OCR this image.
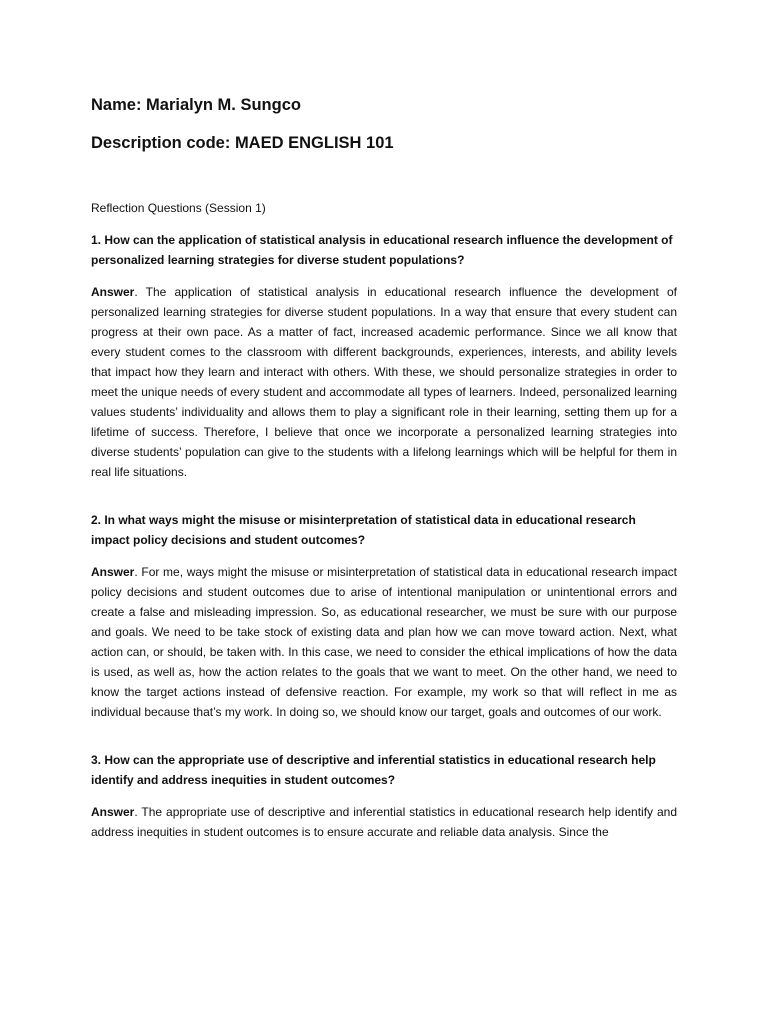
Name: Marialyn M. Sungco

Description code: MAED ENGLISH 101

Reflection Questions (Session 1)

1. How can the application of statistical analysis in educational research influence the development of personalized learning strategies for diverse student populations?

Answer. The application of statistical analysis in educational research influence the development of personalized learning strategies for diverse student populations. In a way that ensure that every student can progress at their own pace. As a matter of fact, increased academic performance. Since we all know that every student comes to the classroom with different backgrounds, experiences, interests, and ability levels that impact how they learn and interact with others. With these, we should personalize strategies in order to meet the unique needs of every student and accommodate all types of learners. Indeed, personalized learning values students’ individuality and allows them to play a significant role in their learning, setting them up for a lifetime of success. Therefore, I believe that once we incorporate a personalized learning strategies into diverse students’ population can give to the students with a lifelong learnings which will be helpful for them in real life situations.

2. In what ways might the misuse or misinterpretation of statistical data in educational research impact policy decisions and student outcomes?

Answer. For me, ways might the misuse or misinterpretation of statistical data in educational research impact policy decisions and student outcomes due to arise of intentional manipulation or unintentional errors and create a false and misleading impression. So, as educational researcher, we must be sure with our purpose and goals. We need to be take stock of existing data and plan how we can move toward action. Next, what action can, or should, be taken with. In this case, we need to consider the ethical implications of how the data is used, as well as, how the action relates to the goals that we want to meet. On the other hand, we need to know the target actions instead of defensive reaction. For example, my work so that will reflect in me as individual because that’s my work. In doing so, we should know our target, goals and outcomes of our work.

3. How can the appropriate use of descriptive and inferential statistics in educational research help identify and address inequities in student outcomes?

Answer. The appropriate use of descriptive and inferential statistics in educational research help identify and address inequities in student outcomes is to ensure accurate and reliable data analysis. Since the
